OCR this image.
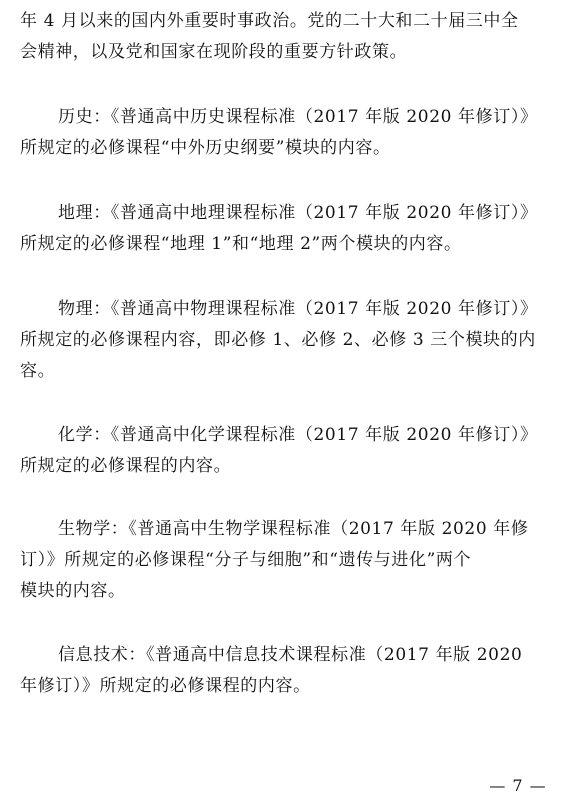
年 4 月以来的国内外重要时事政治。党的二十大和二十届三中全
会精神，以及党和国家在现阶段的重要方针政策。

历史：《普通高中历史课程标准（2017 年版 2020 年修订）》
所规定的必修课程“中外历史纲要”模块的内容。

地理：《普通高中地理课程标准（2017 年版 2020 年修订）》
所规定的必修课程“地理 1”和“地理 2”两个模块的内容。

物理：《普通高中物理课程标准（2017 年版 2020 年修订）》
所规定的必修课程内容，即必修 1、必修 2、必修 3 三个模块的内
容。

化学：《普通高中化学课程标准（2017 年版 2020 年修订）》
所规定的必修课程的内容。

生物学：《普通高中生物学课程标准（2017 年版 2020 年修
订）》所规定的必修课程“分子与细胞”和“遗传与进化”两个
模块的内容。

信息技术：《普通高中信息技术课程标准（2017 年版 2020
年修订）》所规定的必修课程的内容。

— 7 —
